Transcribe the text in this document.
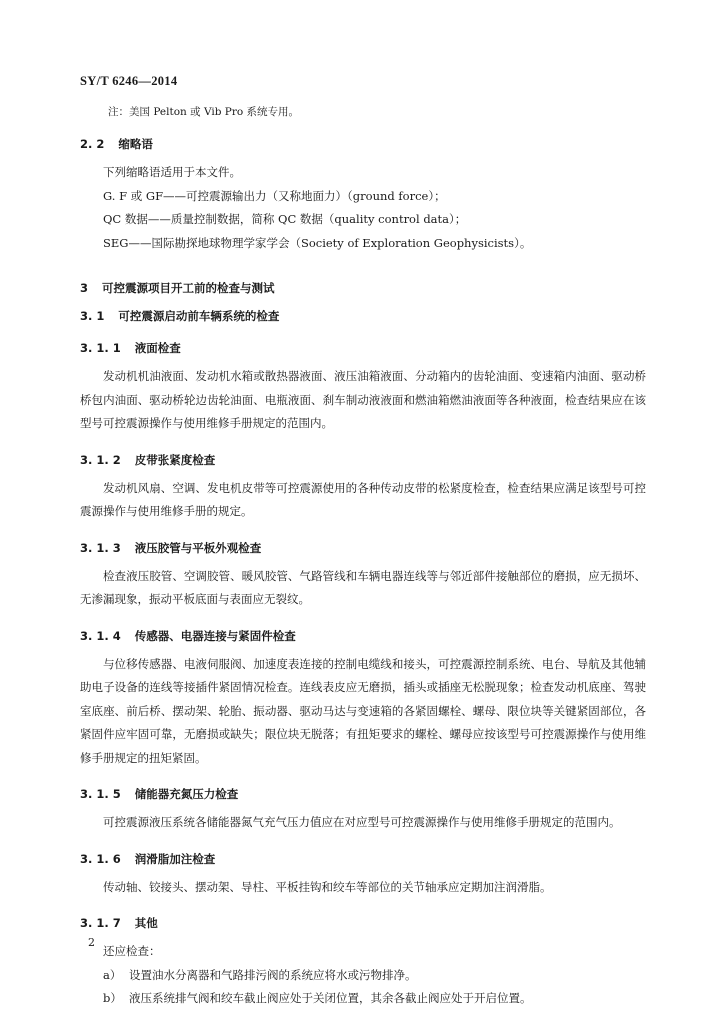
SY/T 6246—2014
注：美国 Pelton 或 Vib Pro 系统专用。
2. 2 缩略语
下列缩略语适用于本文件。
G. F 或 GF——可控震源输出力（又称地面力）（ground force）；
QC 数据——质量控制数据，简称 QC 数据（quality control data）；
SEG——国际勘探地球物理学家学会（Society of Exploration Geophysicists）。
3 可控震源项目开工前的检查与测试
3. 1 可控震源启动前车辆系统的检查
3. 1. 1 液面检查

发动机机油液面、发动机水箱或散热器液面、液压油箱液面、分动箱内的齿轮油面、变速箱内油面、驱动桥桥包内油面、驱动桥轮边齿轮油面、电瓶液面、刹车制动液液面和燃油箱燃油液面等各种液面，检查结果应在该型号可控震源操作与使用维修手册规定的范围内。

3. 1. 2 皮带张紧度检查

发动机风扇、空调、发电机皮带等可控震源使用的各种传动皮带的松紧度检查，检查结果应满足该型号可控震源操作与使用维修手册的规定。

3. 1. 3 液压胶管与平板外观检查

检查液压胶管、空调胶管、暖风胶管、气路管线和车辆电器连线等与邻近部件接触部位的磨损，应无损坏、无渗漏现象，振动平板底面与表面应无裂纹。

3. 1. 4 传感器、电器连接与紧固件检查

与位移传感器、电液伺服阀、加速度表连接的控制电缆线和接头，可控震源控制系统、电台、导航及其他辅助电子设备的连线等接插件紧固情况检查。连线表皮应无磨损，插头或插座无松脱现象；检查发动机底座、驾驶室底座、前后桥、摆动架、轮胎、振动器、驱动马达与变速箱的各紧固螺栓、螺母、限位块等关键紧固部位，各紧固件应牢固可靠，无磨损或缺失；限位块无脱落；有扭矩要求的螺栓、螺母应按该型号可控震源操作与使用维修手册规定的扭矩紧固。

3. 1. 5 储能器充氮压力检查

可控震源液压系统各储能器氮气充气压力值应在对应型号可控震源操作与使用维修手册规定的范围内。

3. 1. 6 润滑脂加注检查

传动轴、铰接头、摆动架、导柱、平板挂钩和绞车等部位的关节轴承应定期加注润滑脂。

3. 1. 7 其他
还应检查：
a） 设置油水分离器和气路排污阀的系统应将水或污物排净。
b） 液压系统排气阀和绞车截止阀应处于关闭位置，其余各截止阀应处于开启位置。
2
